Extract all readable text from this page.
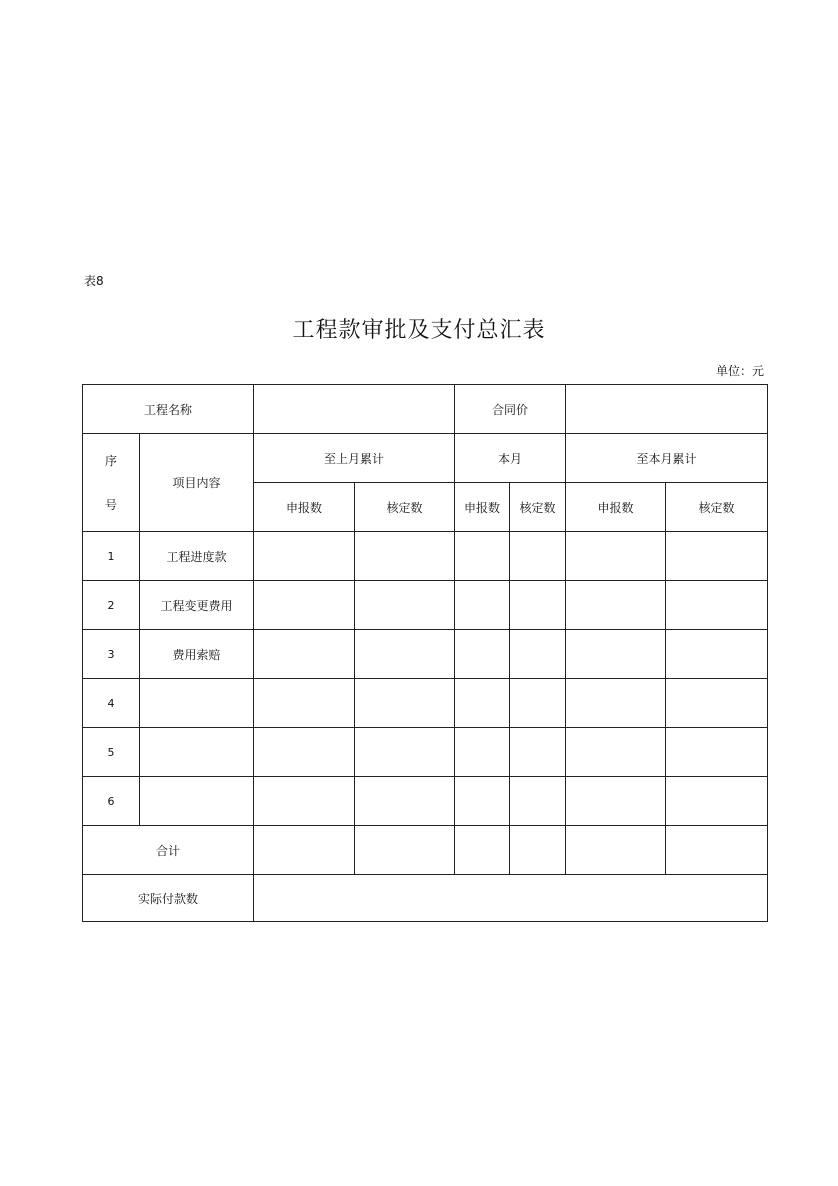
表8
工程款审批及支付总汇表
单位：元
工程名称				合同价			

序
号	项目内容	至上月累计		本月		至本月累计	
		申报数	核定数	申报数	核定数	申报数	核定数
1	工程进度款						
2	工程变更费用						
3	费用索赔						
4							
5							
6							
合计							
实际付款数							
